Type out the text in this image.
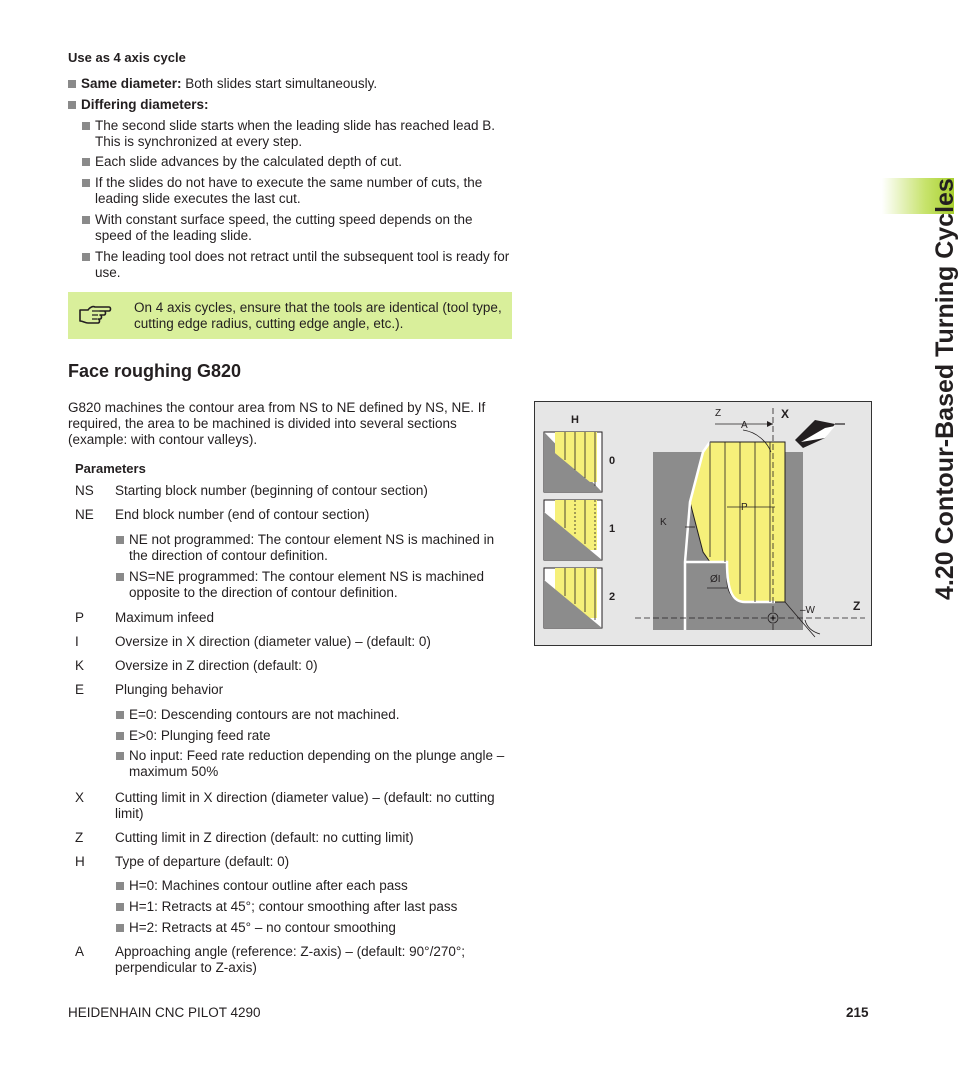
4.20 Contour-Based Turning Cycles
Use as 4 axis cycle
Same diameter: Both slides start simultaneously.
Differing diameters:
The second slide starts when the leading slide has reached lead B. This is synchronized at every step.
Each slide advances by the calculated depth of cut.
If the slides do not have to execute the same number of cuts, the leading slide executes the last cut.
With constant surface speed, the cutting speed depends on the speed of the leading slide.
The leading tool does not retract until the subsequent tool is ready for use.
On 4 axis cycles, ensure that the tools are identical (tool type, cutting edge radius, cutting edge angle, etc.).
Face roughing G820
G820 machines the contour area from NS to NE defined by NS, NE. If required, the area to be machined is divided into several sections (example: with contour valleys).
Parameters
NS	Starting block number (beginning of contour section)
NE	End block number (end of contour section)
NE not programmed: The contour element NS is machined in the direction of contour definition.
NS=NE programmed: The contour element NS is machined opposite to the direction of contour definition.
P	Maximum infeed
I	Oversize in X direction (diameter value) – (default: 0)
K	Oversize in Z direction (default: 0)
E	Plunging behavior
E=0: Descending contours are not machined.
E>0: Plunging feed rate
No input: Feed rate reduction depending on the plunge angle – maximum 50%
X	Cutting limit in X direction (diameter value) – (default: no cutting limit)
Z	Cutting limit in Z direction (default: no cutting limit)
H	Type of departure (default: 0)
H=0: Machines contour outline after each pass
H=1: Retracts at 45°; contour smoothing after last pass
H=2: Retracts at 45° – no contour smoothing
A	Approaching angle (reference: Z-axis) – (default: 90°/270°; perpendicular to Z-axis)
H
0
1
2
Z	X
A
P
K
ØI
–W	Z
HEIDENHAIN CNC PILOT 4290	215
